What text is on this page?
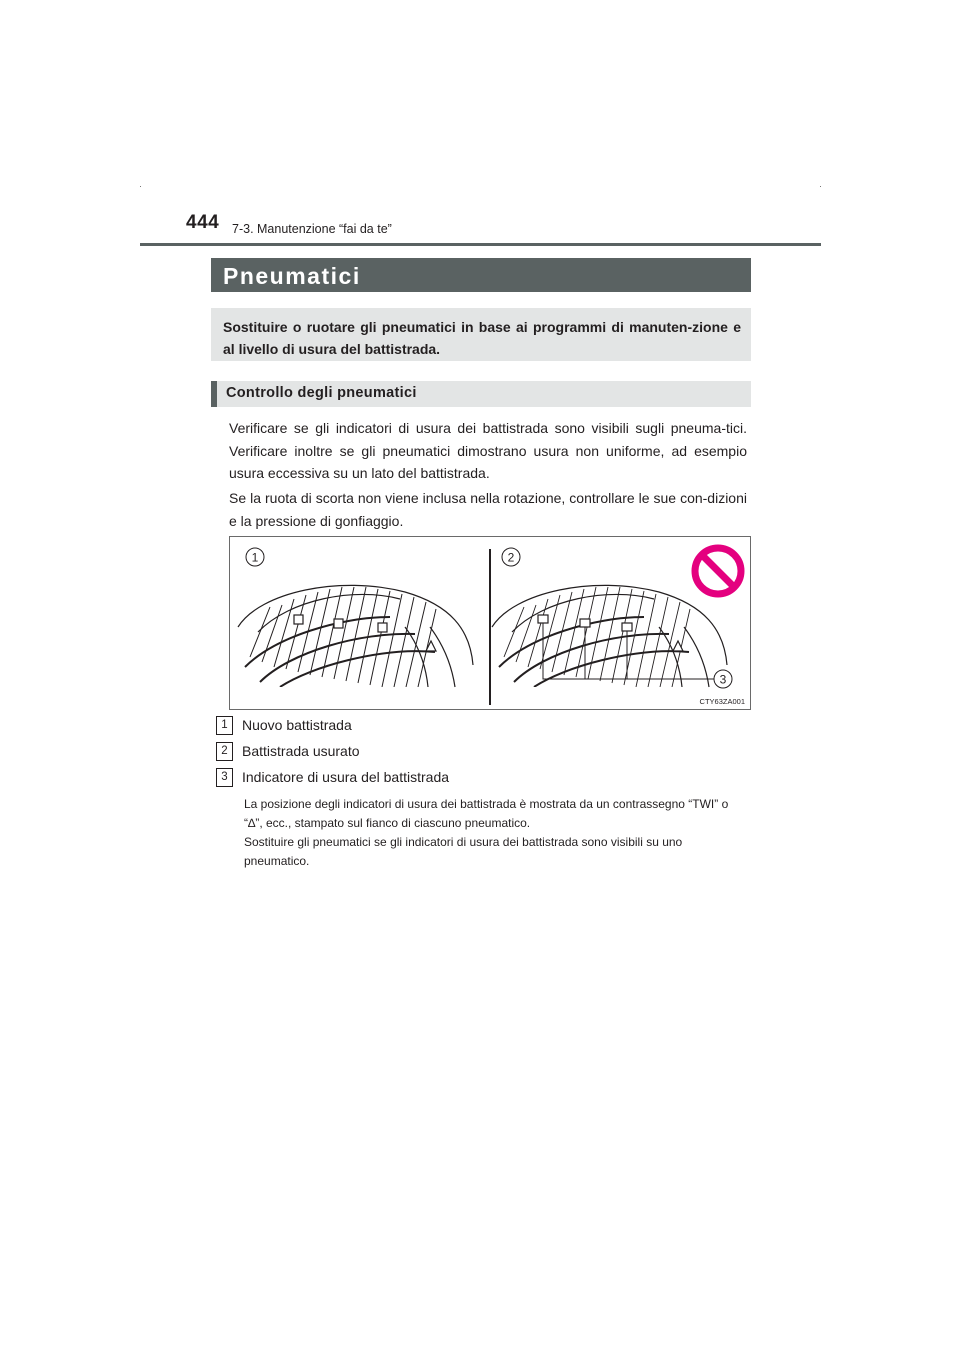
444 7-3. Manutenzione “fai da te”
Pneumatici

Sostituire o ruotare gli pneumatici in base ai programmi di manuten-zione e al livello di usura del battistrada.

Controllo degli pneumatici

Verificare se gli indicatori di usura dei battistrada sono visibili sugli pneuma-tici. Verificare inoltre se gli pneumatici dimostrano usura non uniforme, ad esempio usura eccessiva su un lato del battistrada.

Se la ruota di scorta non viene inclusa nella rotazione, controllare le sue con-dizioni e la pressione di gonfiaggio.

1	2
3
CTY63ZA001
1	Nuovo battistrada
2	Battistrada usurato
3	Indicatore di usura del battistrada

La posizione degli indicatori di usura dei battistrada è mostrata da un contrassegno “TWI” o “∆”, ecc., stampato sul fianco di ciascuno pneumatico.

Sostituire gli pneumatici se gli indicatori di usura dei battistrada sono visibili su uno pneumatico.
